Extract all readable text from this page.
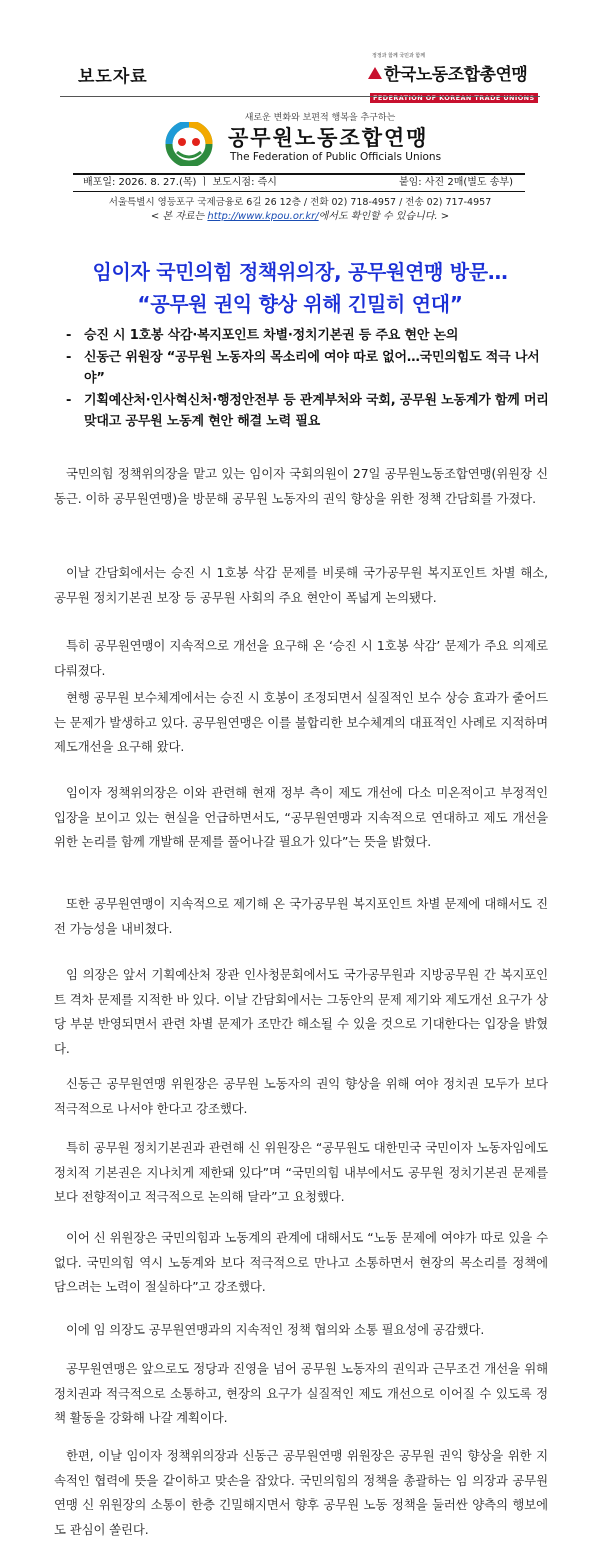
보도자료
정정과 함께 국민과 함께
한국노동조합총연맹
FEDERATION OF KOREAN TRADE UNIONS
새로운 변화와 보편적 행복을 추구하는
공무원노동조합연맹
The Federation of Public Officials Unions
배포일: 2026. 8. 27.(목) ㅣ 보도시점: 즉시	붙임: 사진 2매(별도 송부)
서울특별시 영등포구 국제금융로 6길 26 12층 / 전화 02) 718-4957 / 전송 02) 717-4957
< 본 자료는 http://www.kpou.or.kr/에서도 확인할 수 있습니다. >
임이자 국민의힘 정책위의장, 공무원연맹 방문…
“공무원 권익 향상 위해 긴밀히 연대”
- 승진 시 1호봉 삭감·복지포인트 차별·정치기본권 등 주요 현안 논의
- 신동근 위원장 “공무원 노동자의 목소리에 여야 따로 없어…국민의힘도 적극 나서야”
- 기획예산처·인사혁신처·행정안전부 등 관계부처와 국회, 공무원 노동계가 함께 머리 맞대고 공무원 노동계 현안 해결 노력 필요

국민의힘 정책위의장을 맡고 있는 임이자 국회의원이 27일 공무원노동조합연맹(위원장 신동근. 이하 공무원연맹)을 방문해 공무원 노동자의 권익 향상을 위한 정책 간담회를 가졌다.

이날 간담회에서는 승진 시 1호봉 삭감 문제를 비롯해 국가공무원 복지포인트 차별 해소, 공무원 정치기본권 보장 등 공무원 사회의 주요 현안이 폭넓게 논의됐다.

특히 공무원연맹이 지속적으로 개선을 요구해 온 ‘승진 시 1호봉 삭감’ 문제가 주요 의제로 다뤄졌다.

현행 공무원 보수체계에서는 승진 시 호봉이 조정되면서 실질적인 보수 상승 효과가 줄어드는 문제가 발생하고 있다. 공무원연맹은 이를 불합리한 보수체계의 대표적인 사례로 지적하며 제도개선을 요구해 왔다.

임이자 정책위의장은 이와 관련해 현재 정부 측이 제도 개선에 다소 미온적이고 부정적인 입장을 보이고 있는 현실을 언급하면서도, “공무원연맹과 지속적으로 연대하고 제도 개선을 위한 논리를 함께 개발해 문제를 풀어나갈 필요가 있다”는 뜻을 밝혔다.

또한 공무원연맹이 지속적으로 제기해 온 국가공무원 복지포인트 차별 문제에 대해서도 진전 가능성을 내비쳤다.

임 의장은 앞서 기획예산처 장관 인사청문회에서도 국가공무원과 지방공무원 간 복지포인트 격차 문제를 지적한 바 있다. 이날 간담회에서는 그동안의 문제 제기와 제도개선 요구가 상당 부분 반영되면서 관련 차별 문제가 조만간 해소될 수 있을 것으로 기대한다는 입장을 밝혔다.

신동근 공무원연맹 위원장은 공무원 노동자의 권익 향상을 위해 여야 정치권 모두가 보다 적극적으로 나서야 한다고 강조했다.

특히 공무원 정치기본권과 관련해 신 위원장은 “공무원도 대한민국 국민이자 노동자임에도 정치적 기본권은 지나치게 제한돼 있다”며 “국민의힘 내부에서도 공무원 정치기본권 문제를 보다 전향적이고 적극적으로 논의해 달라”고 요청했다.

이어 신 위원장은 국민의힘과 노동계의 관계에 대해서도 “노동 문제에 여야가 따로 있을 수 없다. 국민의힘 역시 노동계와 보다 적극적으로 만나고 소통하면서 현장의 목소리를 정책에 담으려는 노력이 절실하다”고 강조했다.

이에 임 의장도 공무원연맹과의 지속적인 정책 협의와 소통 필요성에 공감했다.

공무원연맹은 앞으로도 정당과 진영을 넘어 공무원 노동자의 권익과 근무조건 개선을 위해 정치권과 적극적으로 소통하고, 현장의 요구가 실질적인 제도 개선으로 이어질 수 있도록 정책 활동을 강화해 나갈 계획이다.

한편, 이날 임이자 정책위의장과 신동근 공무원연맹 위원장은 공무원 권익 향상을 위한 지속적인 협력에 뜻을 같이하고 맞손을 잡았다. 국민의힘의 정책을 총괄하는 임 의장과 공무원연맹 신 위원장의 소통이 한층 긴밀해지면서 향후 공무원 노동 정책을 둘러싼 양측의 행보에도 관심이 쏠린다.
